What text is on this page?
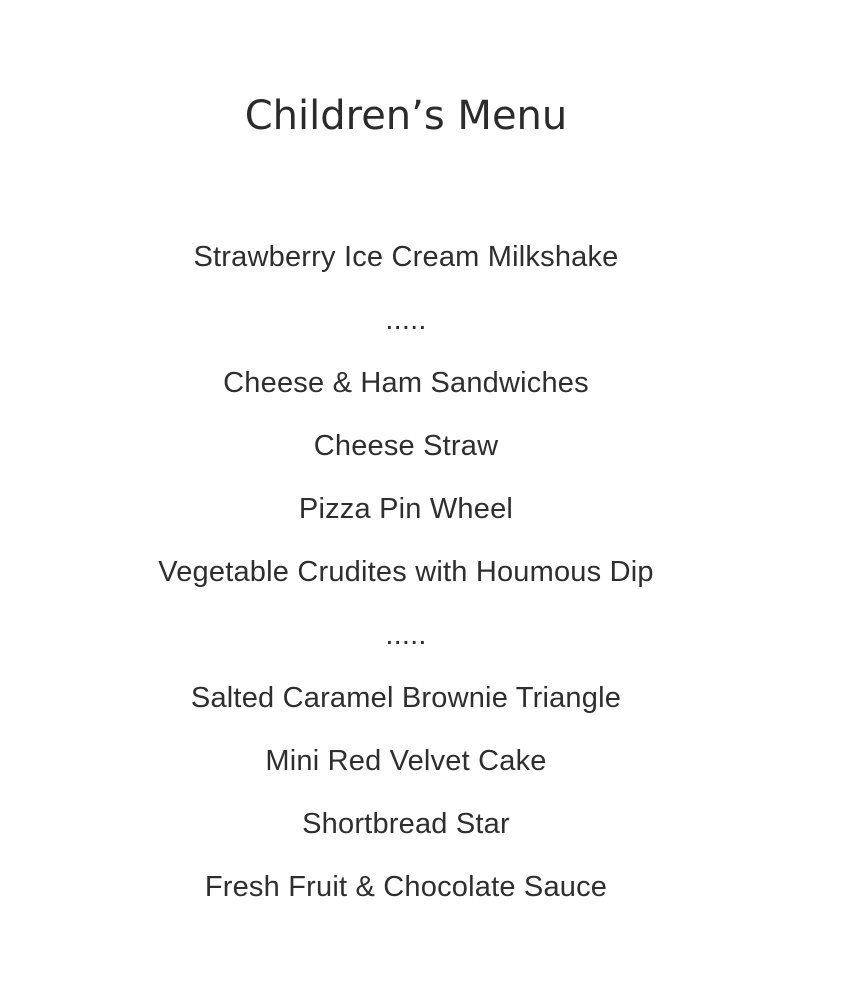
Children’s Menu
Strawberry Ice Cream Milkshake
.....
Cheese & Ham Sandwiches
Cheese Straw
Pizza Pin Wheel
Vegetable Crudites with Houmous Dip
.....
Salted Caramel Brownie Triangle
Mini Red Velvet Cake
Shortbread Star
Fresh Fruit & Chocolate Sauce
